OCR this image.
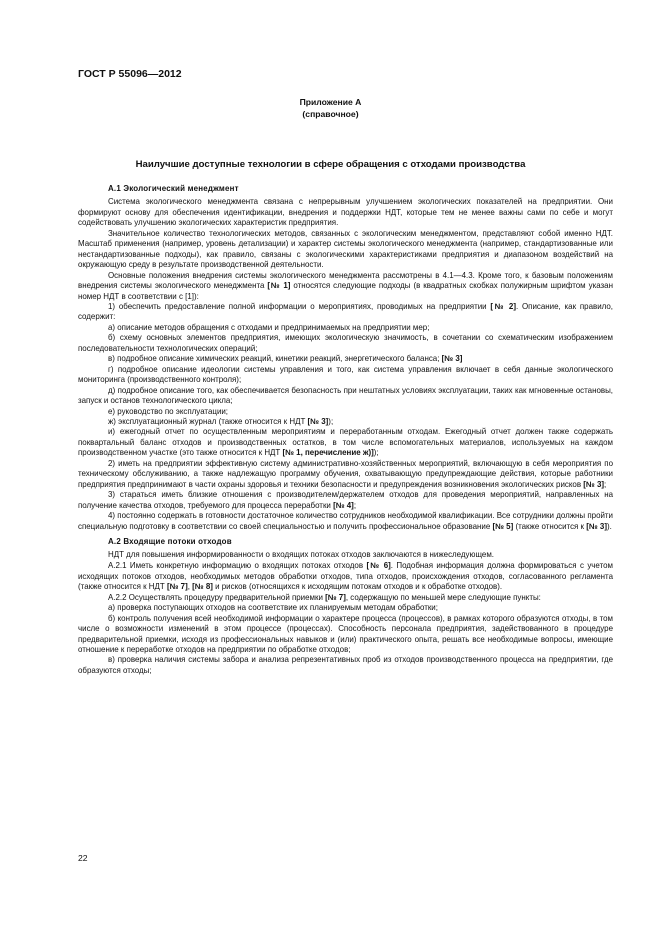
ГОСТ Р 55096—2012
Приложение А
(справочное)
Наилучшие доступные технологии в сфере обращения с отходами производства

А.1 Экологический менеджмент

Система экологического менеджмента связана с непрерывным улучшением экологических показателей на предприятии. Они формируют основу для обеспечения идентификации, внедрения и поддержки НДТ, которые тем не менее важны сами по себе и могут содействовать улучшению экологических характеристик предприятия.

Значительное количество технологических методов, связанных с экологическим менеджментом, представляют собой именно НДТ. Масштаб применения (например, уровень детализации) и характер системы экологического менеджмента (например, стандартизованные или нестандартизованные подходы), как правило, связаны с экологическими характеристиками предприятия и диапазоном воздействий на окружающую среду в результате производственной деятельности.

Основные положения внедрения системы экологического менеджмента рассмотрены в 4.1—4.3. Кроме того, к базовым положениям внедрения системы экологического менеджмента [№ 1] относятся следующие подходы (в квадратных скобках полужирным шрифтом указан номер НДТ в соответствии с [1]):

1) обеспечить предоставление полной информации о мероприятиях, проводимых на предприятии [№ 2]. Описание, как правило, содержит:

а) описание методов обращения с отходами и предпринимаемых на предприятии мер;

б) схему основных элементов предприятия, имеющих экологическую значимость, в сочетании со схематическим изображением последовательности технологических операций;

в) подробное описание химических реакций, кинетики реакций, энергетического баланса; [№ 3]

г) подробное описание идеологии системы управления и того, как система управления включает в себя данные экологического мониторинга (производственного контроля);

д) подробное описание того, как обеспечивается безопасность при нештатных условиях эксплуатации, таких как мгновенные остановы, запуск и останов технологического цикла;

е) руководство по эксплуатации;

ж) эксплуатационный журнал (также относится к НДТ [№ 3]);

и) ежегодный отчет по осуществленным мероприятиям и переработанным отходам. Ежегодный отчет должен также содержать поквартальный баланс отходов и производственных остатков, в том числе вспомогательных материалов, используемых на каждом производственном участке (это также относится к НДТ [№ 1, перечисление ж)]);

2) иметь на предприятии эффективную систему административно-хозяйственных мероприятий, включающую в себя мероприятия по техническому обслуживанию, а также надлежащую программу обучения, охватывающую предупреждающие действия, которые работники предприятия предпринимают в части охраны здоровья и техники безопасности и предупреждения возникновения экологических рисков [№ 3];

3) стараться иметь близкие отношения с производителем/держателем отходов для проведения мероприятий, направленных на получение качества отходов, требуемого для процесса переработки [№ 4];

4) постоянно содержать в готовности достаточное количество сотрудников необходимой квалификации. Все сотрудники должны пройти специальную подготовку в соответствии со своей специальностью и получить профессиональное образование [№ 5] (также относится к [№ 3]).

А.2 Входящие потоки отходов

НДТ для повышения информированности о входящих потоках отходов заключаются в нижеследующем.

А.2.1 Иметь конкретную информацию о входящих потоках отходов [№ 6]. Подобная информация должна формироваться с учетом исходящих потоков отходов, необходимых методов обработки отходов, типа отходов, происхождения отходов, согласованного регламента (также относится к НДТ [№ 7], [№ 8] и рисков (относящихся к исходящим потокам отходов и к обработке отходов).

А.2.2 Осуществлять процедуру предварительной приемки [№ 7], содержащую по меньшей мере следующие пункты:

а) проверка поступающих отходов на соответствие их планируемым методам обработки;

б) контроль получения всей необходимой информации о характере процесса (процессов), в рамках которого образуются отходы, в том числе о возможности изменений в этом процессе (процессах). Способность персонала предприятия, задействованного в процедуре предварительной приемки, исходя из профессиональных навыков и (или) практического опыта, решать все необходимые вопросы, имеющие отношение к переработке отходов на предприятии по обработке отходов;

в) проверка наличия системы забора и анализа репрезентативных проб из отходов производственного процесса на предприятии, где образуются отходы;

22
